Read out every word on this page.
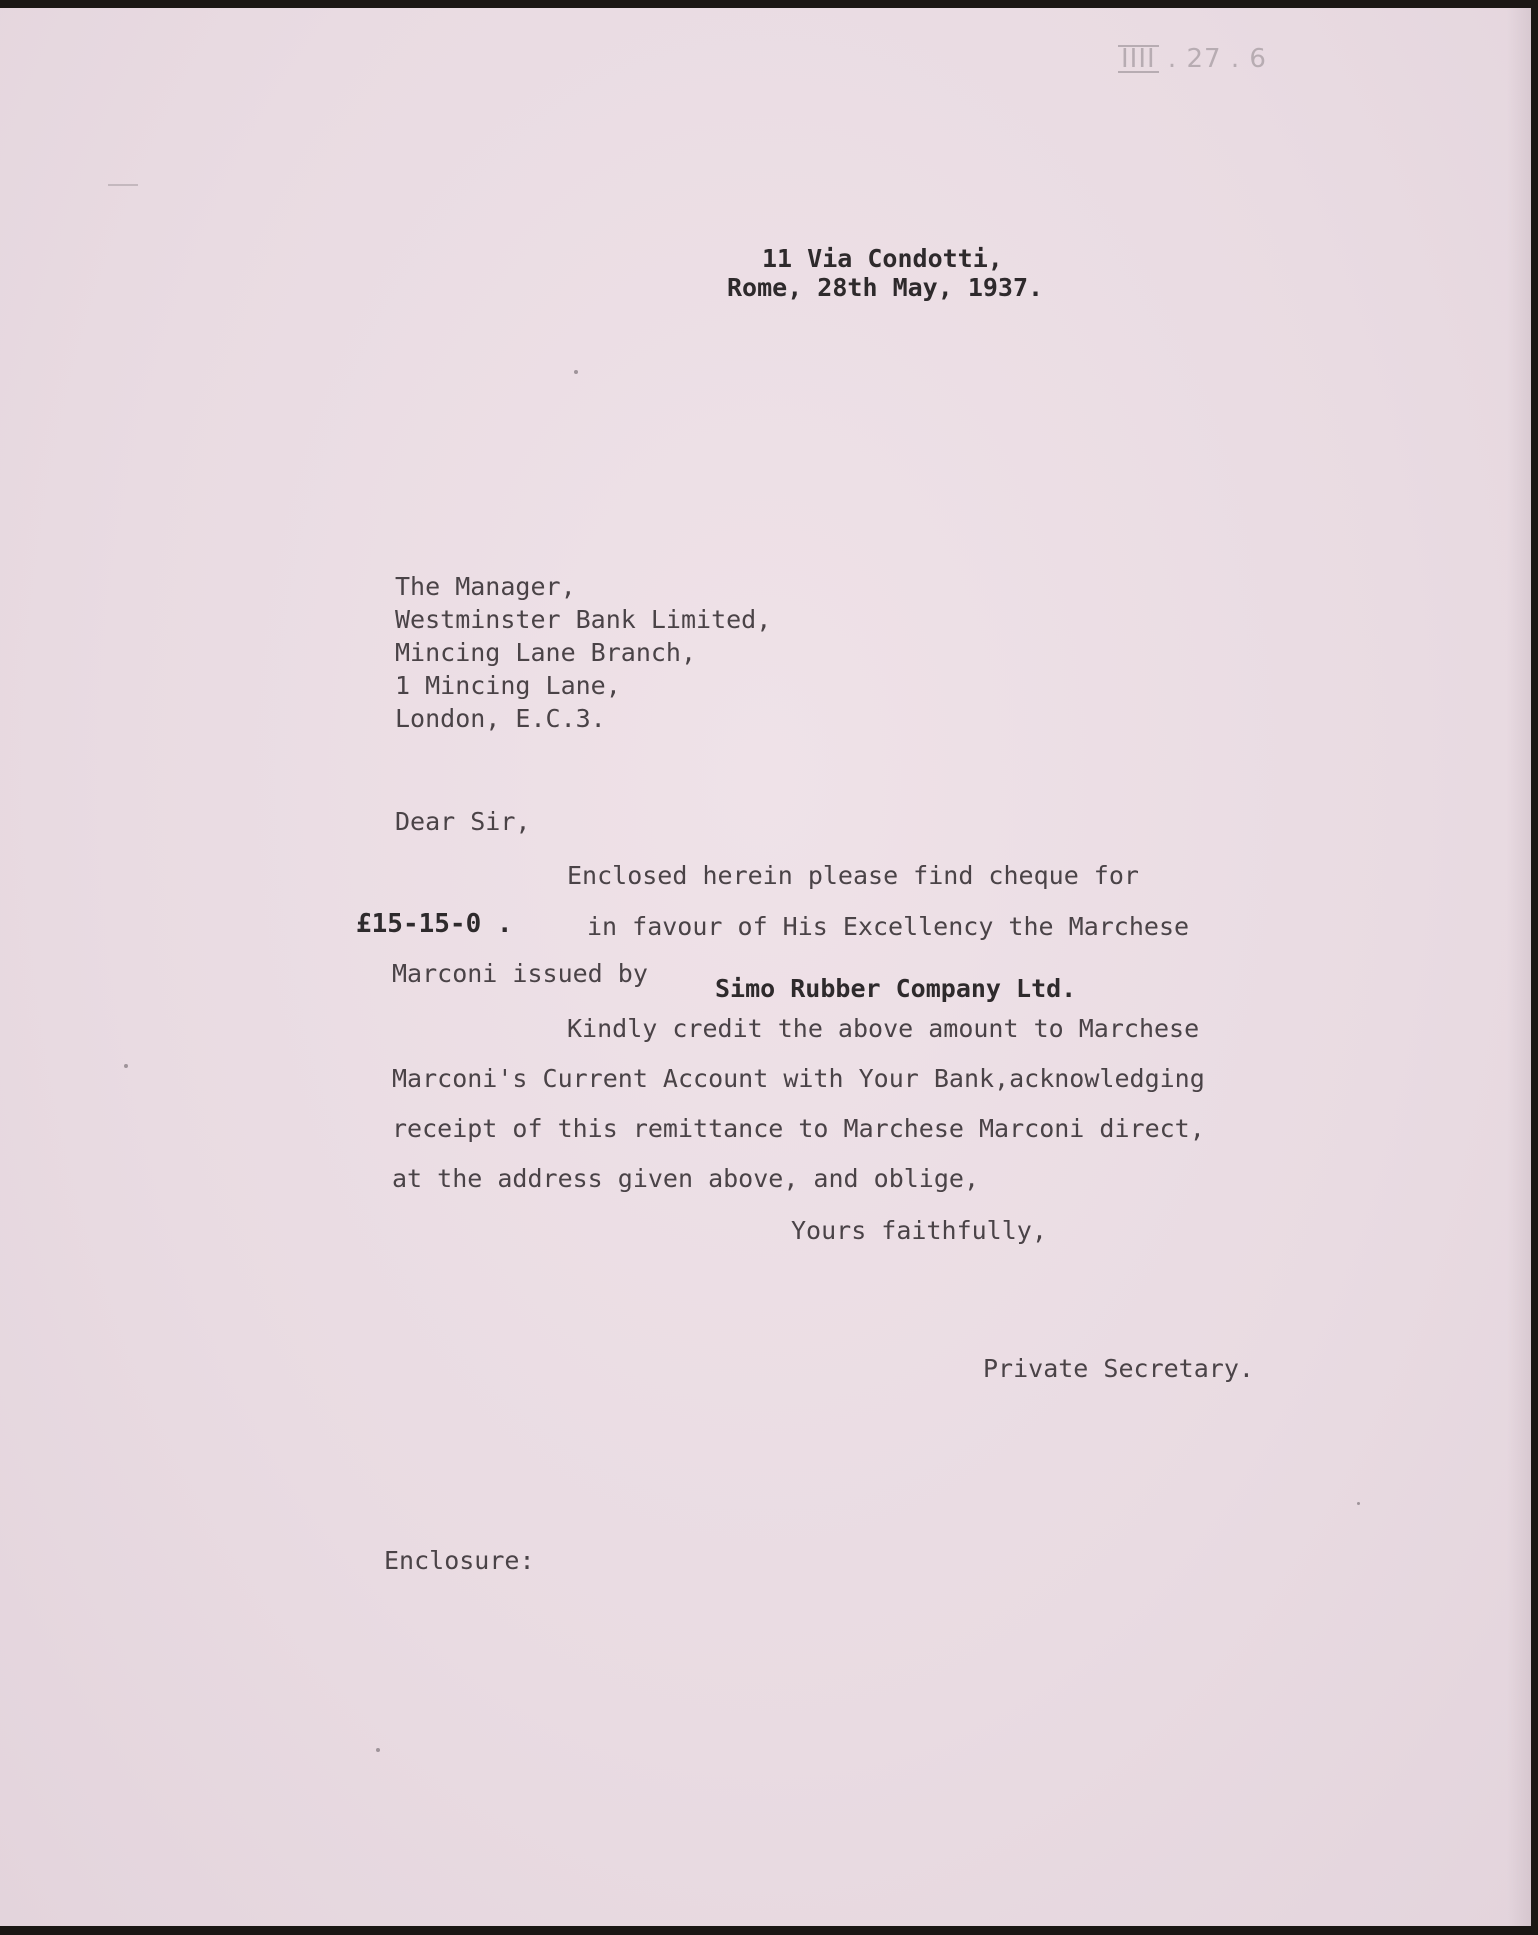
IIII . 27 . 6
11 Via Condotti,
Rome, 28th May, 1937.
The Manager,
Westminster Bank Limited,
Mincing Lane Branch,
1 Mincing Lane,
London, E.C.3.
Dear Sir,
Enclosed herein please find cheque for
£15-15-0 .	in favour of His Excellency the Marchese
Marconi issued by
Simo Rubber Company Ltd.
Kindly credit the above amount to Marchese
Marconi's Current Account with Your Bank,acknowledging
receipt of this remittance to Marchese Marconi direct,
at the address given above, and oblige,
Yours faithfully,
Private Secretary.
Enclosure:
